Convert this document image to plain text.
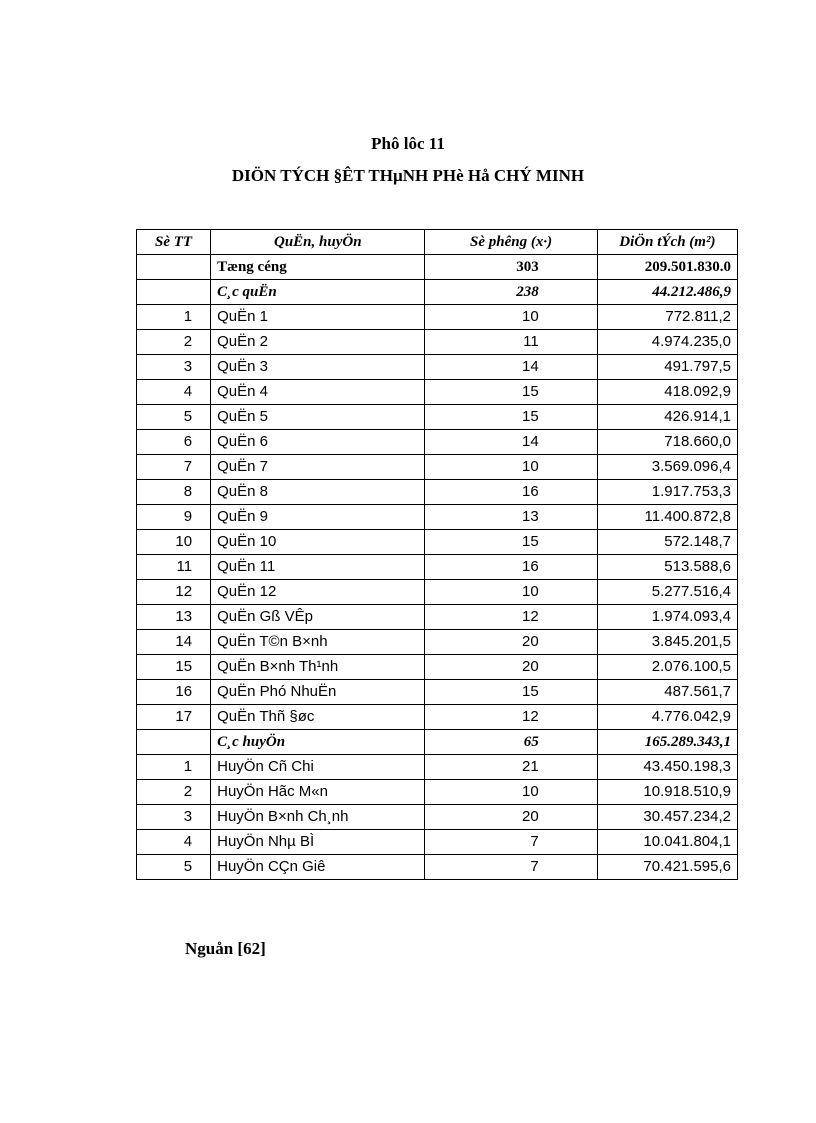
Phô lôc 11
DIÖN TÝCH §ÊT THµNH PHè Hå CHÝ MINH
Sè TT	QuËn, huyÖn	Sè phêng (x·)	DiÖn tÝch (m²)
	Tæng céng	303	209.501.830.0
	C¸c quËn	238	44.212.486,9
1	QuËn 1	10	772.811,2
2	QuËn 2	11	4.974.235,0
3	QuËn 3	14	491.797,5
4	QuËn 4	15	418.092,9
5	QuËn 5	15	426.914,1
6	QuËn 6	14	718.660,0
7	QuËn 7	10	3.569.096,4
8	QuËn 8	16	1.917.753,3
9	QuËn 9	13	11.400.872,8
10	QuËn 10	15	572.148,7
11	QuËn 11	16	513.588,6
12	QuËn 12	10	5.277.516,4
13	QuËn Gß VÊp	12	1.974.093,4
14	QuËn T©n B×nh	20	3.845.201,5
15	QuËn B×nh Th¹nh	20	2.076.100,5
16	QuËn Phó NhuËn	15	487.561,7
17	QuËn Thñ §øc	12	4.776.042,9
	C¸c huyÖn	65	165.289.343,1
1	HuyÖn Cñ Chi	21	43.450.198,3
2	HuyÖn Hãc M«n	10	10.918.510,9
3	HuyÖn B×nh Ch¸nh	20	30.457.234,2
4	HuyÖn Nhµ BÌ	7	10.041.804,1
5	HuyÖn CÇn Giê	7	70.421.595,6
Nguån [62]
